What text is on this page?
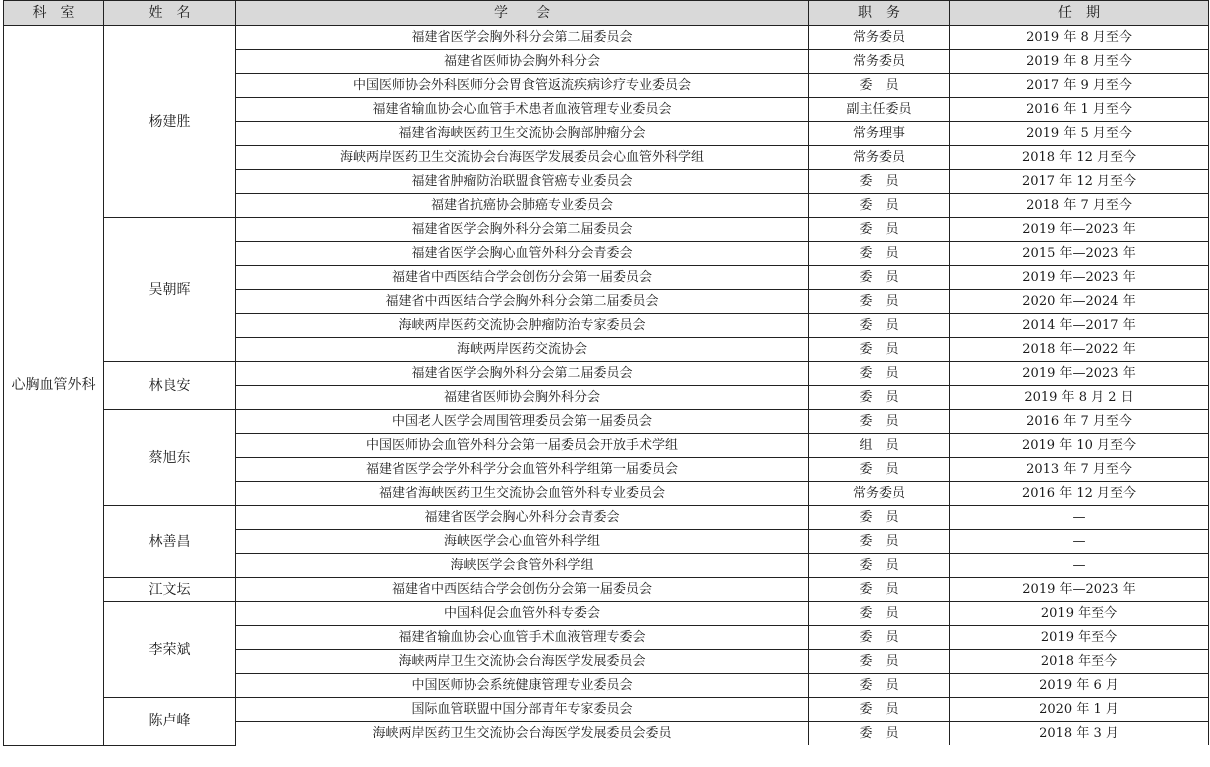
科　室	姓　名	学　　会	职　务	任　期
心胸血管外科	杨建胜	福建省医学会胸外科分会第二届委员会	常务委员	2019 年 8 月至今
		福建省医师协会胸外科分会	常务委员	2019 年 8 月至今
		中国医师协会外科医师分会胃食管返流疾病诊疗专业委员会	委　员	2017 年 9 月至今
		福建省输血协会心血管手术患者血液管理专业委员会	副主任委员	2016 年 1 月至今
		福建省海峡医药卫生交流协会胸部肿瘤分会	常务理事	2019 年 5 月至今
		海峡两岸医药卫生交流协会台海医学发展委员会心血管外科学组	常务委员	2018 年 12 月至今
		福建省肿瘤防治联盟食管癌专业委员会	委　员	2017 年 12 月至今
		福建省抗癌协会肺癌专业委员会	委　员	2018 年 7 月至今
	吴朝晖	福建省医学会胸外科分会第二届委员会	委　员	2019 年—2023 年
		福建省医学会胸心血管外科分会青委会	委　员	2015 年—2023 年
		福建省中西医结合学会创伤分会第一届委员会	委　员	2019 年—2023 年
		福建省中西医结合学会胸外科分会第二届委员会	委　员	2020 年—2024 年
		海峡两岸医药交流协会肿瘤防治专家委员会	委　员	2014 年—2017 年
		海峡两岸医药交流协会	委　员	2018 年—2022 年
	林良安	福建省医学会胸外科分会第二届委员会	委　员	2019 年—2023 年
		福建省医师协会胸外科分会	委　员	2019 年 8 月 2 日
	蔡旭东	中国老人医学会周围管理委员会第一届委员会	委　员	2016 年 7 月至今
		中国医师协会血管外科分会第一届委员会开放手术学组	组　员	2019 年 10 月至今
		福建省医学会学外科学分会血管外科学组第一届委员会	委　员	2013 年 7 月至今
		福建省海峡医药卫生交流协会血管外科专业委员会	常务委员	2016 年 12 月至今
	林善昌	福建省医学会胸心外科分会青委会	委　员	—
		海峡医学会心血管外科学组	委　员	—
		海峡医学会食管外科学组	委　员	—
	江文坛	福建省中西医结合学会创伤分会第一届委员会	委　员	2019 年—2023 年
	李荣斌	中国科促会血管外科专委会	委　员	2019 年至今
		福建省输血协会心血管手术血液管理专委会	委　员	2019 年至今
		海峡两岸卫生交流协会台海医学发展委员会	委　员	2018 年至今
		中国医师协会系统健康管理专业委员会	委　员	2019 年 6 月
	陈卢峰	国际血管联盟中国分部青年专家委员会	委　员	2020 年 1 月
		海峡两岸医药卫生交流协会台海医学发展委员会委员	委　员	2018 年 3 月
